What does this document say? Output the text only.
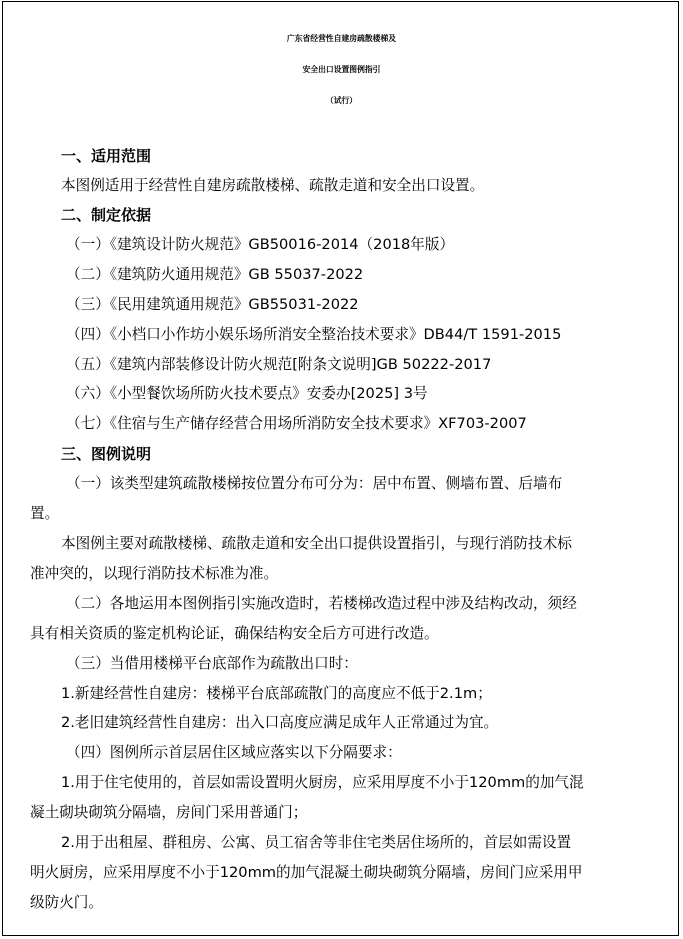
广东省经营性自建房疏散楼梯及
安全出口设置图例指引
（试行）
一、适用范围
本图例适用于经营性自建房疏散楼梯、疏散走道和安全出口设置。
二、制定依据
（一）《建筑设计防火规范》GB50016-2014（2018年版）
（二）《建筑防火通用规范》GB 55037-2022
（三）《民用建筑通用规范》GB55031-2022
（四）《小档口小作坊小娱乐场所消安全整治技术要求》DB44/T 1591-2015
（五）《建筑内部装修设计防火规范[附条文说明]GB 50222-2017
（六）《小型餐饮场所防火技术要点》安委办[2025] 3号
（七）《住宿与生产储存经营合用场所消防安全技术要求》XF703-2007
三、图例说明
（一）该类型建筑疏散楼梯按位置分布可分为：居中布置、侧墙布置、后墙布
置。
本图例主要对疏散楼梯、疏散走道和安全出口提供设置指引，与现行消防技术标
准冲突的，以现行消防技术标准为准。
（二）各地运用本图例指引实施改造时，若楼梯改造过程中涉及结构改动，须经
具有相关资质的鉴定机构论证，确保结构安全后方可进行改造。
（三）当借用楼梯平台底部作为疏散出口时：
1.新建经营性自建房：楼梯平台底部疏散门的高度应不低于2.1m；
2.老旧建筑经营性自建房：出入口高度应满足成年人正常通过为宜。
（四）图例所示首层居住区域应落实以下分隔要求：
1.用于住宅使用的，首层如需设置明火厨房，应采用厚度不小于120mm的加气混
凝土砌块砌筑分隔墙，房间门采用普通门；
2.用于出租屋、群租房、公寓、员工宿舍等非住宅类居住场所的，首层如需设置
明火厨房，应采用厚度不小于120mm的加气混凝土砌块砌筑分隔墙，房间门应采用甲
级防火门。
